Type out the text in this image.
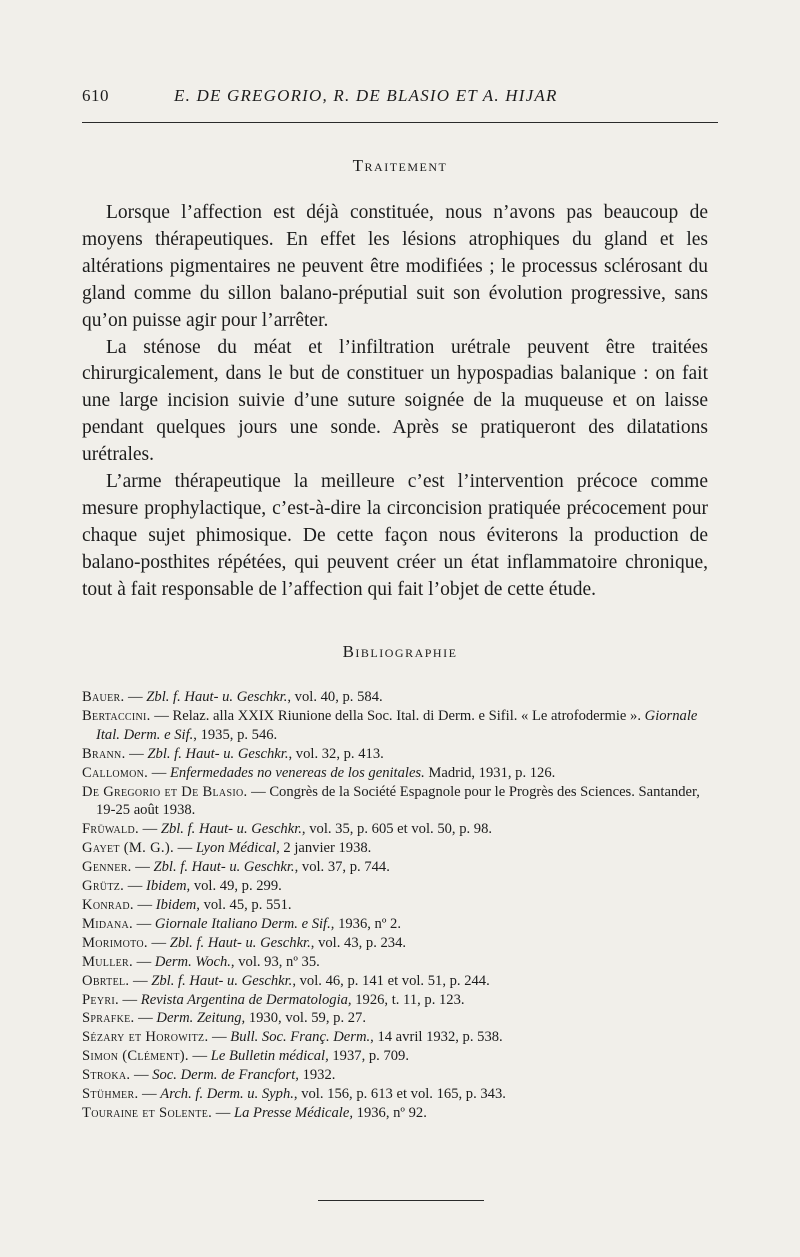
610	E. DE GREGORIO, R. DE BLASIO ET A. HIJAR
Traitement

Lorsque l’affection est déjà constituée, nous n’avons pas beaucoup de moyens thérapeutiques. En effet les lésions atrophiques du gland et les altérations pigmentaires ne peuvent être modifiées ; le processus sclérosant du gland comme du sillon balano-préputial suit son évolution progressive, sans qu’on puisse agir pour l’arrêter.

La sténose du méat et l’infiltration urétrale peuvent être traitées chirurgicalement, dans le but de constituer un hypospadias balanique : on fait une large incision suivie d’une suture soignée de la muqueuse et on laisse pendant quelques jours une sonde. Après se pratiqueront des dilatations urétrales.

L’arme thérapeutique la meilleure c’est l’intervention précoce comme mesure prophylactique, c’est-à-dire la circoncision pratiquée précocement pour chaque sujet phimosique. De cette façon nous éviterons la production de balano-posthites répétées, qui peuvent créer un état inflammatoire chronique, tout à fait responsable de l’affection qui fait l’objet de cette étude.

Bibliographie
Bauer. — Zbl. f. Haut- u. Geschkr., vol. 40, p. 584.
Bertaccini. — Relaz. alla XXIX Riunione della Soc. Ital. di Derm. e Sifil. « Le atrofodermie ». Giornale Ital. Derm. e Sif., 1935, p. 546.
Brann. — Zbl. f. Haut- u. Geschkr., vol. 32, p. 413.
Callomon. — Enfermedades no venereas de los genitales. Madrid, 1931, p. 126.
De Gregorio et De Blasio. — Congrès de la Société Espagnole pour le Progrès des Sciences. Santander, 19-25 août 1938.
Früwald. — Zbl. f. Haut- u. Geschkr., vol. 35, p. 605 et vol. 50, p. 98.
Gayet (M. G.). — Lyon Médical, 2 janvier 1938.
Genner. — Zbl. f. Haut- u. Geschkr., vol. 37, p. 744.
Grütz. — Ibidem, vol. 49, p. 299.
Konrad. — Ibidem, vol. 45, p. 551.
Midana. — Giornale Italiano Derm. e Sif., 1936, nº 2.
Morimoto. — Zbl. f. Haut- u. Geschkr., vol. 43, p. 234.
Muller. — Derm. Woch., vol. 93, nº 35.
Obrtel. — Zbl. f. Haut- u. Geschkr., vol. 46, p. 141 et vol. 51, p. 244.
Peyri. — Revista Argentina de Dermatologia, 1926, t. 11, p. 123.
Sprafke. — Derm. Zeitung, 1930, vol. 59, p. 27.
Sézary et Horowitz. — Bull. Soc. Franç. Derm., 14 avril 1932, p. 538.
Simon (Clément). — Le Bulletin médical, 1937, p. 709.
Stroka. — Soc. Derm. de Francfort, 1932.
Stühmer. — Arch. f. Derm. u. Syph., vol. 156, p. 613 et vol. 165, p. 343.
Touraine et Solente. — La Presse Médicale, 1936, nº 92.
